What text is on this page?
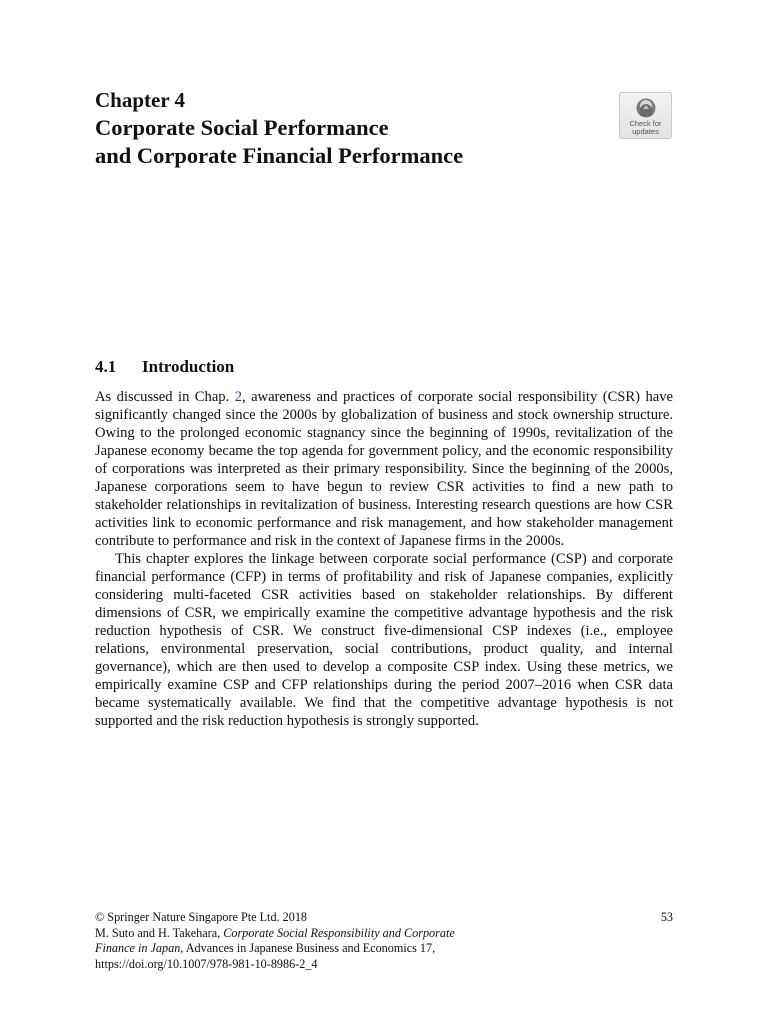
Chapter 4
Corporate Social Performance
and Corporate Financial Performance
Check for
updates
4.1 Introduction

As discussed in Chap. 2, awareness and practices of corporate social responsibility (CSR) have significantly changed since the 2000s by globalization of business and stock ownership structure. Owing to the prolonged economic stagnancy since the beginning of 1990s, revitalization of the Japanese economy became the top agenda for government policy, and the economic responsibility of corporations was interpreted as their primary responsibility. Since the beginning of the 2000s, Japanese corporations seem to have begun to review CSR activities to find a new path to stakeholder relationships in revitalization of business. Interesting research questions are how CSR activities link to economic performance and risk management, and how stakeholder management contribute to performance and risk in the context of Japanese firms in the 2000s.

This chapter explores the linkage between corporate social performance (CSP) and corporate financial performance (CFP) in terms of profitability and risk of Japanese companies, explicitly considering multi-faceted CSR activities based on stakeholder relationships. By different dimensions of CSR, we empirically examine the competitive advantage hypothesis and the risk reduction hypothesis of CSR. We construct five-dimensional CSP indexes (i.e., employee relations, environmental preservation, social contributions, product quality, and internal governance), which are then used to develop a composite CSP index. Using these metrics, we empirically examine CSP and CFP relationships during the period 2007–2016 when CSR data became systematically available. We find that the competitive advantage hypothesis is not supported and the risk reduction hypothesis is strongly supported.

© Springer Nature Singapore Pte Ltd. 2018
M. Suto and H. Takehara, Corporate Social Responsibility and Corporate
Finance in Japan, Advances in Japanese Business and Economics 17,
https://doi.org/10.1007/978-981-10-8986-2_4
53
